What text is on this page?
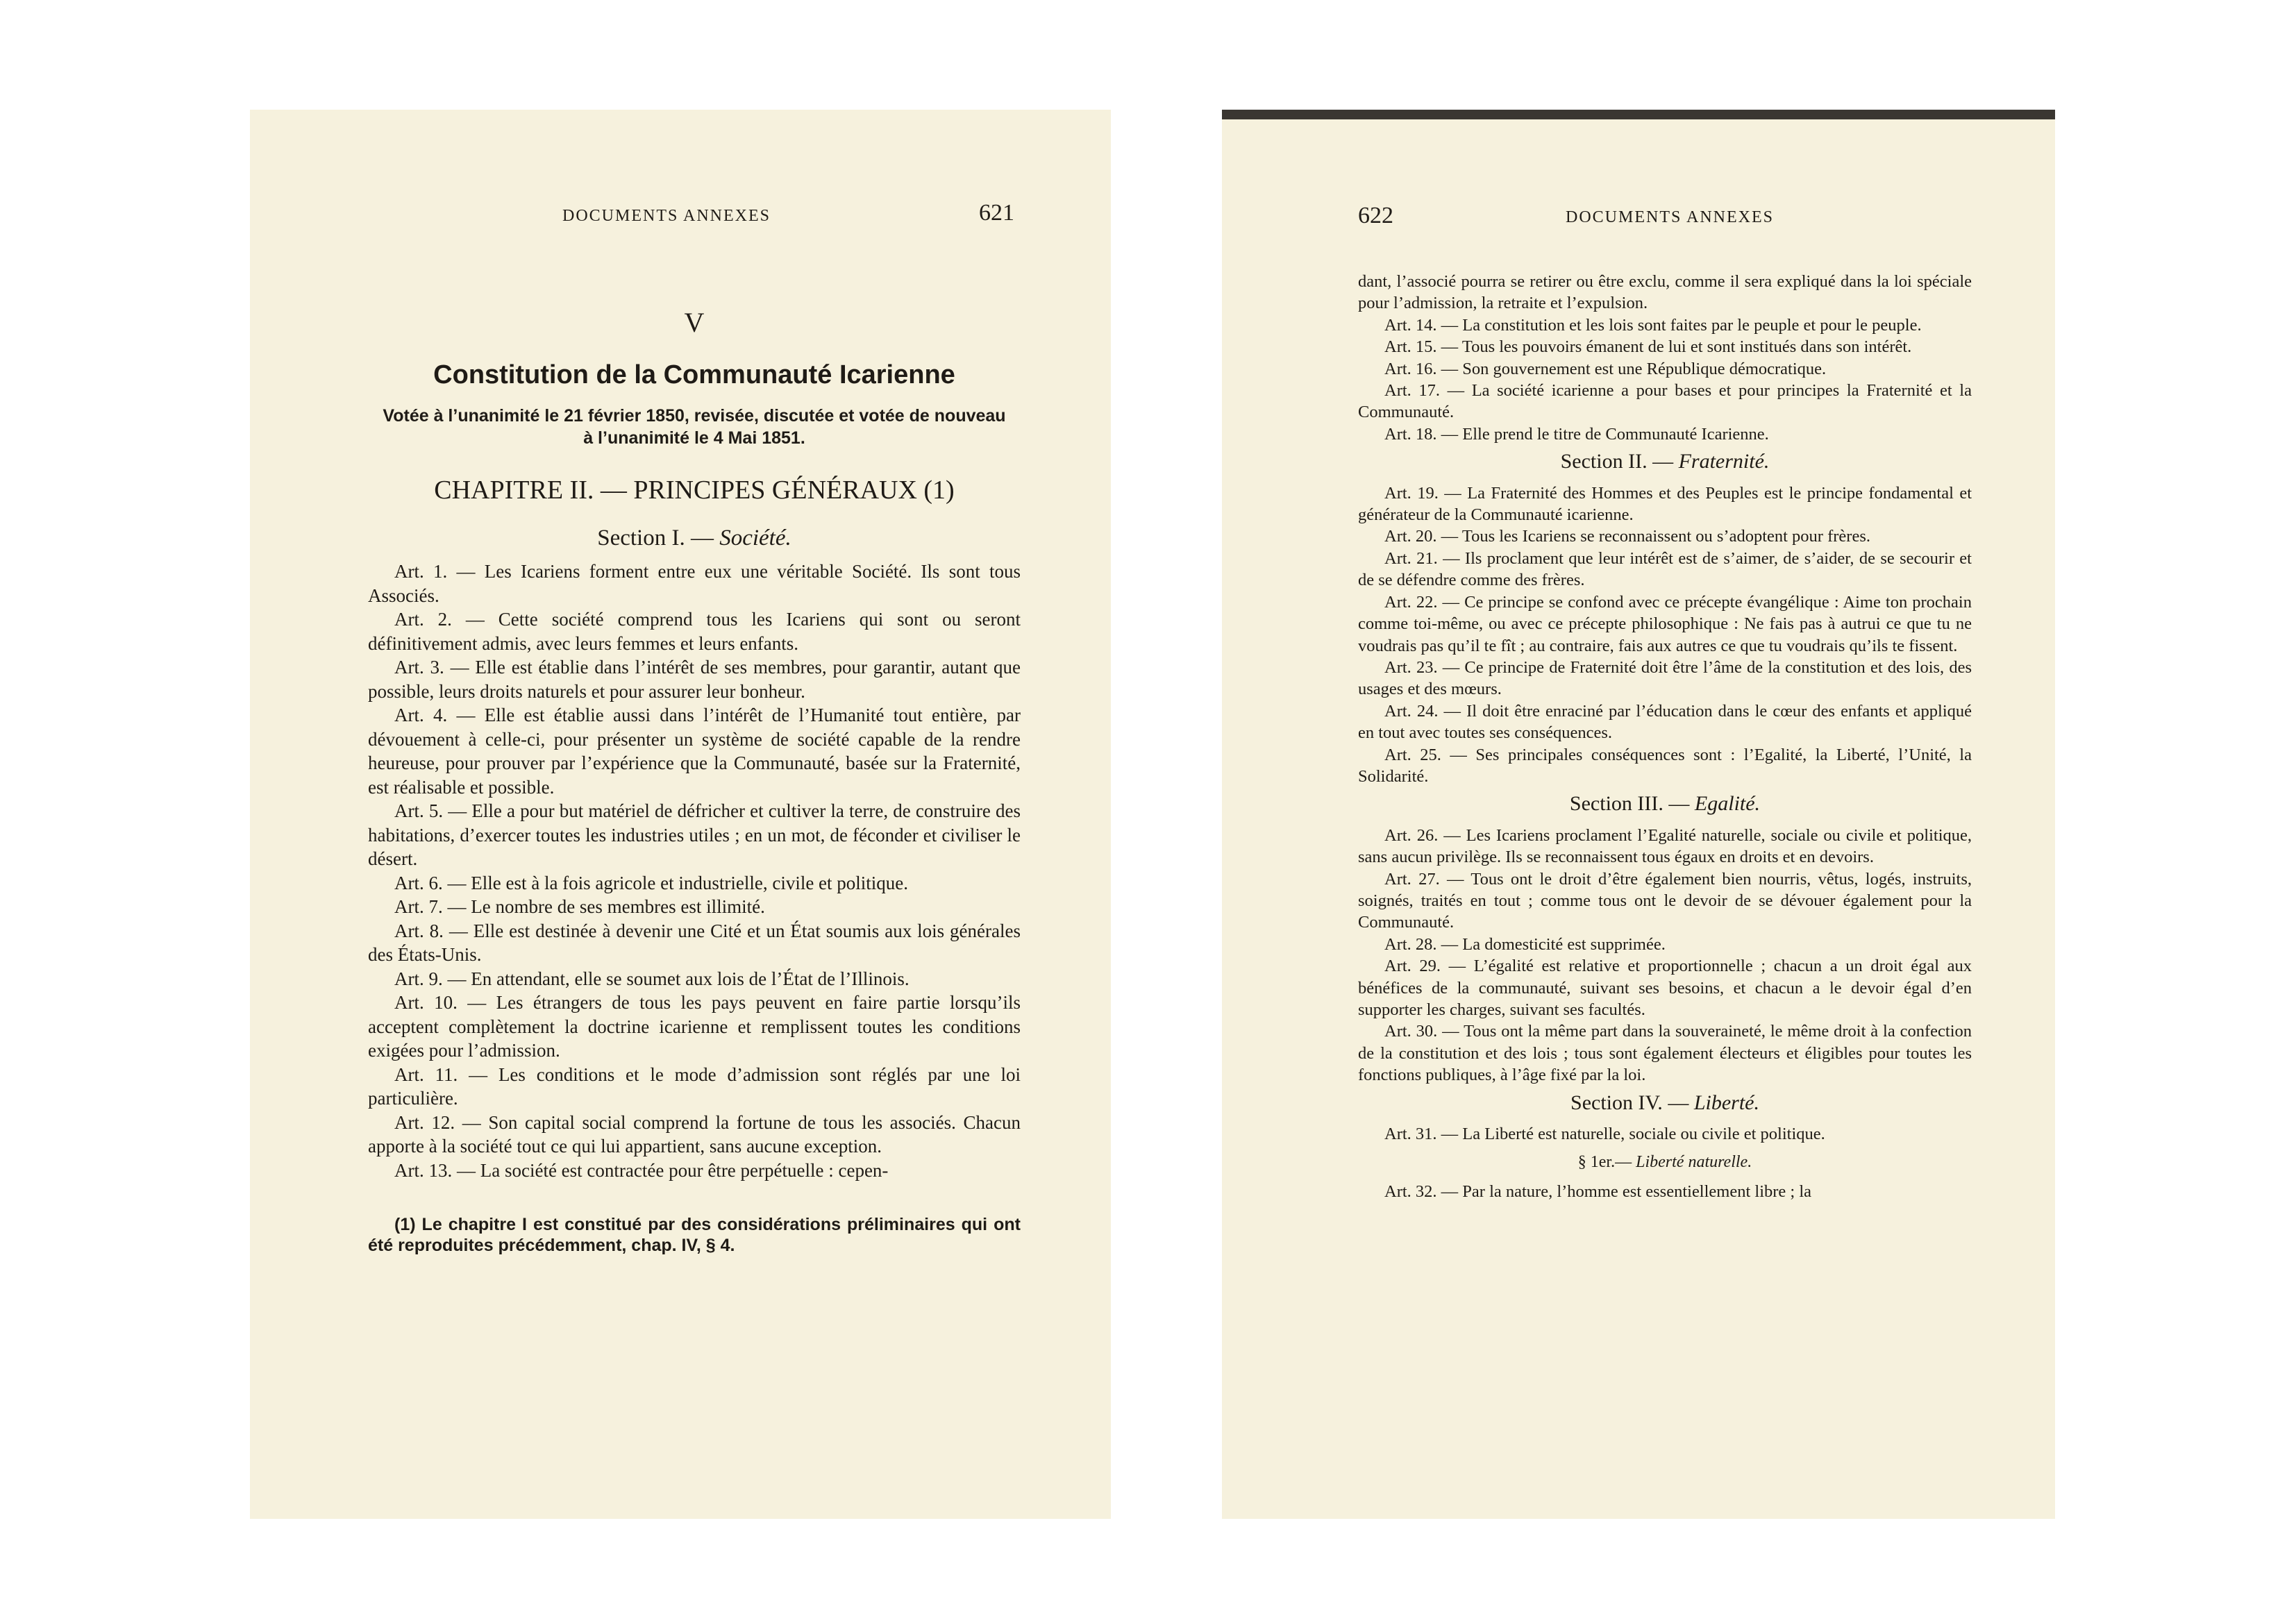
DOCUMENTS ANNEXES	621

V

Constitution de la Communauté Icarienne

Votée à l’unanimité le 21 février 1850, revisée, discutée et votée de nouveau à l’unanimité le 4 Mai 1851.

CHAPITRE II. — PRINCIPES GÉNÉRAUX (1)

Section I. — Société.

Art. 1. — Les Icariens forment entre eux une véritable Société. Ils sont tous Associés.

Art. 2. — Cette société comprend tous les Icariens qui sont ou seront définitivement admis, avec leurs femmes et leurs enfants.

Art. 3. — Elle est établie dans l’intérêt de ses membres, pour garantir, autant que possible, leurs droits naturels et pour assurer leur bonheur.

Art. 4. — Elle est établie aussi dans l’intérêt de l’Humanité tout entière, par dévouement à celle-ci, pour présenter un système de société capable de la rendre heureuse, pour prouver par l’expérience que la Communauté, basée sur la Fraternité, est réalisable et possible.

Art. 5. — Elle a pour but matériel de défricher et cultiver la terre, de construire des habitations, d’exercer toutes les industries utiles ; en un mot, de féconder et civiliser le désert.

Art. 6. — Elle est à la fois agricole et industrielle, civile et politique.

Art. 7. — Le nombre de ses membres est illimité.

Art. 8. — Elle est destinée à devenir une Cité et un État soumis aux lois générales des États-Unis.

Art. 9. — En attendant, elle se soumet aux lois de l’État de l’Illinois.

Art. 10. — Les étrangers de tous les pays peuvent en faire partie lorsqu’ils acceptent complètement la doctrine icarienne et remplissent toutes les conditions exigées pour l’admission.

Art. 11. — Les conditions et le mode d’admission sont réglés par une loi particulière.

Art. 12. — Son capital social comprend la fortune de tous les associés. Chacun apporte à la société tout ce qui lui appartient, sans aucune exception.

Art. 13. — La société est contractée pour être perpétuelle : cepen-

(1) Le chapitre I est constitué par des considérations préliminaires qui ont été reproduites précédemment, chap. IV, § 4.

622	DOCUMENTS ANNEXES

dant, l’associé pourra se retirer ou être exclu, comme il sera expliqué dans la loi spéciale pour l’admission, la retraite et l’expulsion.

Art. 14. — La constitution et les lois sont faites par le peuple et pour le peuple.

Art. 15. — Tous les pouvoirs émanent de lui et sont institués dans son intérêt.

Art. 16. — Son gouvernement est une République démocratique.

Art. 17. — La société icarienne a pour bases et pour principes la Fraternité et la Communauté.

Art. 18. — Elle prend le titre de Communauté Icarienne.

Section II. — Fraternité.

Art. 19. — La Fraternité des Hommes et des Peuples est le principe fondamental et générateur de la Communauté icarienne.

Art. 20. — Tous les Icariens se reconnaissent ou s’adoptent pour frères.

Art. 21. — Ils proclament que leur intérêt est de s’aimer, de s’aider, de se secourir et de se défendre comme des frères.

Art. 22. — Ce principe se confond avec ce précepte évangélique : Aime ton prochain comme toi-même, ou avec ce précepte philosophique : Ne fais pas à autrui ce que tu ne voudrais pas qu’il te fît ; au contraire, fais aux autres ce que tu voudrais qu’ils te fissent.

Art. 23. — Ce principe de Fraternité doit être l’âme de la constitution et des lois, des usages et des mœurs.

Art. 24. — Il doit être enraciné par l’éducation dans le cœur des enfants et appliqué en tout avec toutes ses conséquences.

Art. 25. — Ses principales conséquences sont : l’Egalité, la Liberté, l’Unité, la Solidarité.

Section III. — Egalité.

Art. 26. — Les Icariens proclament l’Egalité naturelle, sociale ou civile et politique, sans aucun privilège. Ils se reconnaissent tous égaux en droits et en devoirs.

Art. 27. — Tous ont le droit d’être également bien nourris, vêtus, logés, instruits, soignés, traités en tout ; comme tous ont le devoir de se dévouer également pour la Communauté.

Art. 28. — La domesticité est supprimée.

Art. 29. — L’égalité est relative et proportionnelle ; chacun a un droit égal aux bénéfices de la communauté, suivant ses besoins, et chacun a le devoir égal d’en supporter les charges, suivant ses facultés.

Art. 30. — Tous ont la même part dans la souveraineté, le même droit à la confection de la constitution et des lois ; tous sont également électeurs et éligibles pour toutes les fonctions publiques, à l’âge fixé par la loi.

Section IV. — Liberté.

Art. 31. — La Liberté est naturelle, sociale ou civile et politique.

§ 1er.— Liberté naturelle.

Art. 32. — Par la nature, l’homme est essentiellement libre ; la
